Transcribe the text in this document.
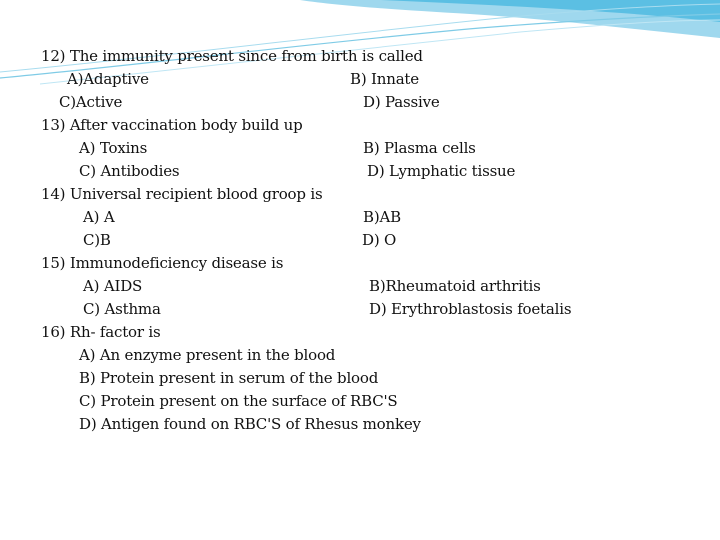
12) The immunity present since from birth is called
A)Adaptive	B) Innate
C)Active	D) Passive
13) After vaccination body build up
A) Toxins	B) Plasma cells
C) Antibodies	D) Lymphatic tissue
14) Universal recipient blood groop is
A) A	B)AB
C)B	D) O
15) Immunodeficiency disease is
A) AIDS	B)Rheumatoid arthritis
C) Asthma	D) Erythroblastosis foetalis
16) Rh- factor is
A) An enzyme present in the blood
B) Protein present in serum of the blood
C) Protein present on the surface of RBC'S
D) Antigen found on RBC'S of Rhesus monkey
